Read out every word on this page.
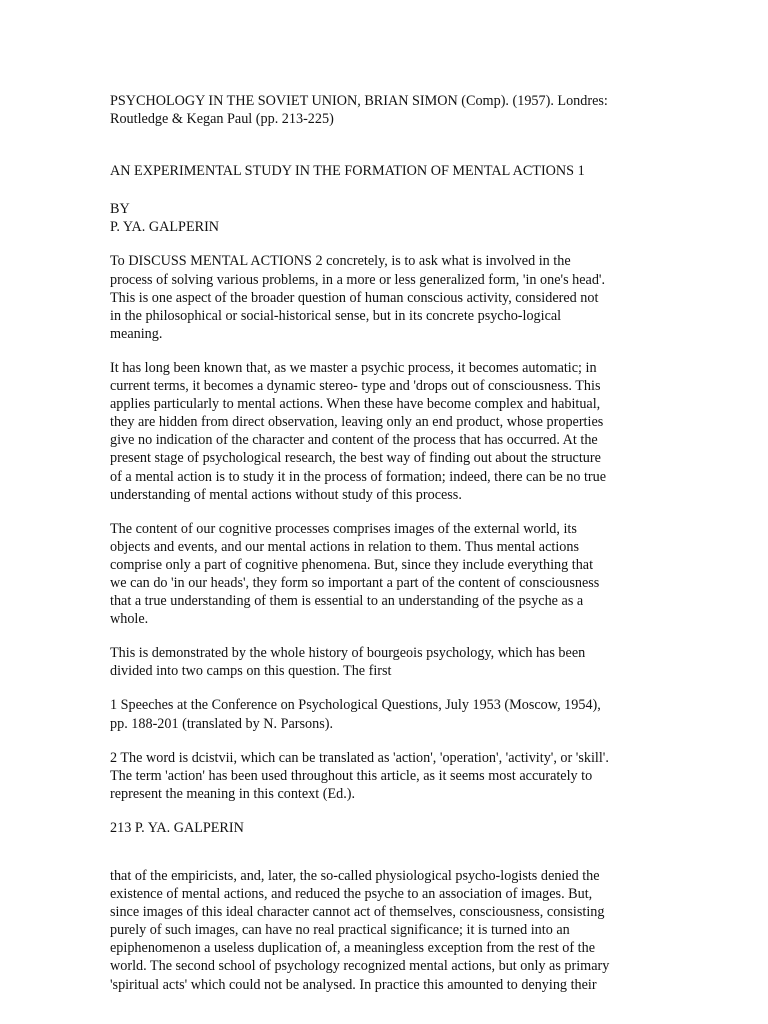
PSYCHOLOGY IN THE SOVIET UNION, BRIAN SIMON (Comp). (1957). Londres:
Routledge & Kegan Paul (pp. 213-225)
AN EXPERIMENTAL STUDY IN THE FORMATION OF MENTAL ACTIONS 1
BY
P. YA. GALPERIN
To DISCUSS MENTAL ACTIONS 2 concretely, is to ask what is involved in the
process of solving various problems, in a more or less generalized form, 'in one's head'.
This is one aspect of the broader question of human conscious activity, considered not
in the philosophical or social-historical sense, but in its concrete psycho-logical
meaning.
It has long been known that, as we master a psychic process, it becomes automatic; in
current terms, it becomes a dynamic stereo- type and 'drops out of consciousness. This
applies particularly to mental actions. When these have become complex and habitual,
they are hidden from direct observation, leaving only an end product, whose properties
give no indication of the character and content of the process that has occurred. At the
present stage of psychological research, the best way of finding out about the structure
of a mental action is to study it in the process of formation; indeed, there can be no true
understanding of mental actions without study of this process.
The content of our cognitive processes comprises images of the external world, its
objects and events, and our mental actions in relation to them. Thus mental actions
comprise only a part of cognitive phenomena. But, since they include everything that
we can do 'in our heads', they form so important a part of the content of consciousness
that a true understanding of them is essential to an understanding of the psyche as a
whole.
This is demonstrated by the whole history of bourgeois psychology, which has been
divided into two camps on this question. The first
1 Speeches at the Conference on Psychological Questions, July 1953 (Moscow, 1954),
pp. 188-201 (translated by N. Parsons).
2 The word is dcistvii, which can be translated as 'action', 'operation', 'activity', or 'skill'.
The term 'action' has been used throughout this article, as it seems most accurately to
represent the meaning in this context (Ed.).
213 P. YA. GALPERIN
that of the empiricists, and, later, the so-called physiological psycho-logists denied the
existence of mental actions, and reduced the psyche to an association of images. But,
since images of this ideal character cannot act of themselves, consciousness, consisting
purely of such images, can have no real practical significance; it is turned into an
epiphenomenon a useless duplication of, a meaningless exception from the rest of the
world. The second school of psychology recognized mental actions, but only as primary
'spiritual acts' which could not be analysed. In practice this amounted to denying their
